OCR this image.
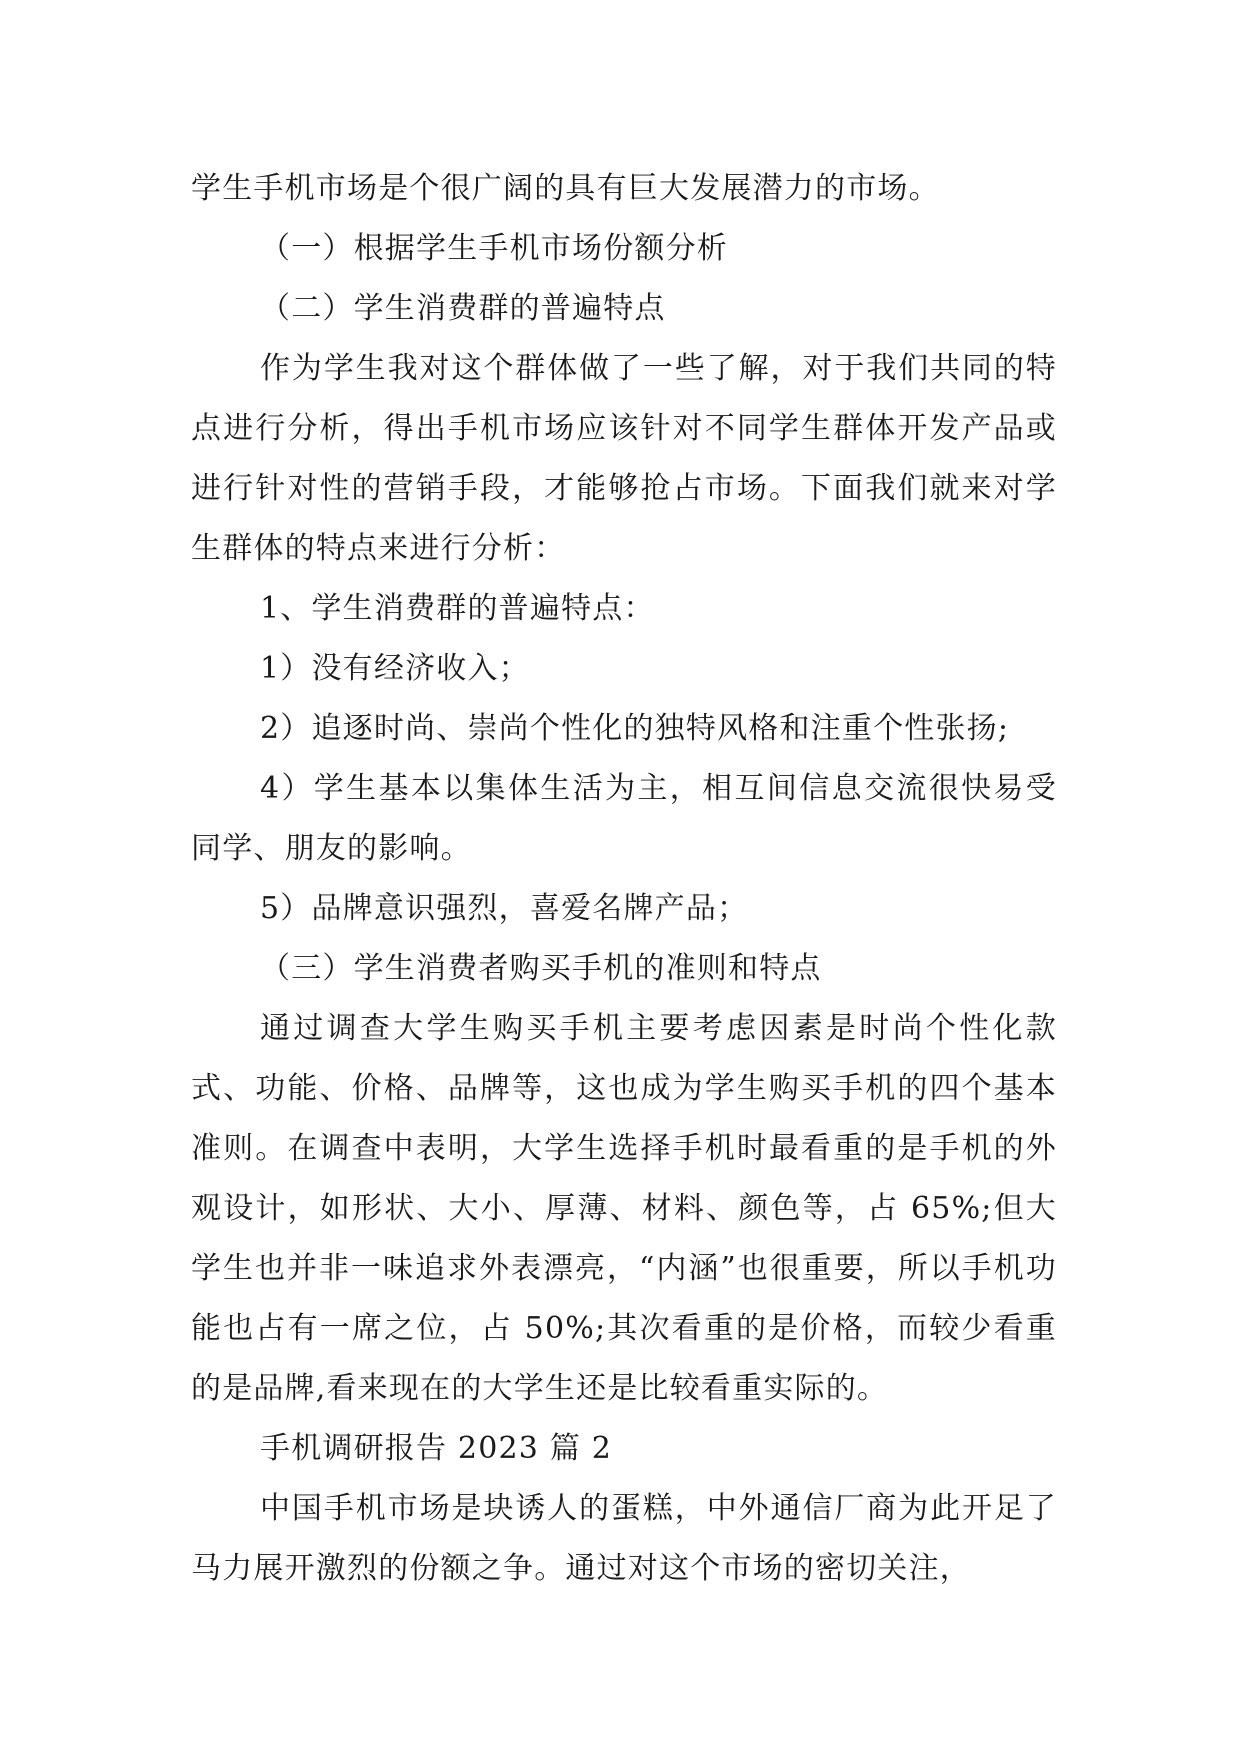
学生手机市场是个很广阔的具有巨大发展潜力的市场。

（一）根据学生手机市场份额分析

（二）学生消费群的普遍特点

作为学生我对这个群体做了一些了解，对于我们共同的特点进行分析，得出手机市场应该针对不同学生群体开发产品或进行针对性的营销手段，才能够抢占市场。下面我们就来对学生群体的特点来进行分析：

1、学生消费群的普遍特点：

1）没有经济收入；

2）追逐时尚、崇尚个性化的独特风格和注重个性张扬;

4）学生基本以集体生活为主，相互间信息交流很快易受同学、朋友的影响。

5）品牌意识强烈，喜爱名牌产品；

（三）学生消费者购买手机的准则和特点

通过调查大学生购买手机主要考虑因素是时尚个性化款式、功能、价格、品牌等，这也成为学生购买手机的四个基本准则。在调查中表明，大学生选择手机时最看重的是手机的外观设计，如形状、大小、厚薄、材料、颜色等，占 65%;但大学生也并非一味追求外表漂亮，“内涵”也很重要，所以手机功能也占有一席之位，占 50%;其次看重的是价格，而较少看重的是品牌,看来现在的大学生还是比较看重实际的。

手机调研报告 2023 篇 2

中国手机市场是块诱人的蛋糕，中外通信厂商为此开足了马力展开激烈的份额之争。通过对这个市场的密切关注，
